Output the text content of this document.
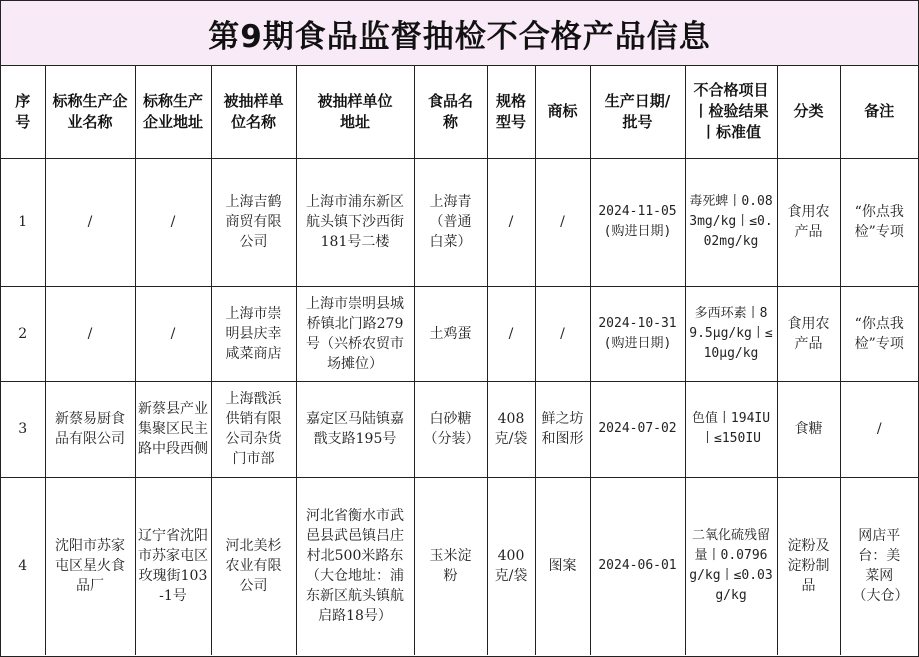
第9期食品监督抽检不合格产品信息
序号	标称生产企业名称	标称生产企业地址	被抽样单位名称	被抽样单位地址	食品名称	规格型号	商标	生产日期/批号	不合格项目丨检验结果丨标准值	分类	备注
1	/	/	上海吉鹤商贸有限公司	上海市浦东新区航头镇下沙西街181号二楼	上海青（普通白菜）	/	/	2024-11-05(购进日期)	毒死蜱丨0.083mg/kg丨≤0.02mg/kg	食用农产品	“你点我检”专项
2	/	/	上海市崇明县庆幸咸菜商店	上海市崇明县城桥镇北门路279号（兴桥农贸市场摊位）	土鸡蛋	/	/	2024-10-31(购进日期)	多西环素丨89.5μg/kg丨≤10μg/kg	食用农产品	“你点我检”专项
3	新蔡易厨食品有限公司	新蔡县产业集聚区民主路中段西侧	上海戬浜供销有限公司杂货门市部	嘉定区马陆镇嘉戬支路195号	白砂糖（分装）	408克/袋	鲜之坊和图形	2024-07-02	色值丨194IU丨≤150IU	食糖	/
4	沈阳市苏家屯区星火食品厂	辽宁省沈阳市苏家屯区玫瑰街103-1号	河北美杉农业有限公司	河北省衡水市武邑县武邑镇吕庄村北500米路东（大仓地址：浦东新区航头镇航启路18号）	玉米淀粉	400克/袋	图案	2024-06-01	二氧化硫残留量丨0.0796g/kg丨≤0.03g/kg	淀粉及淀粉制品	网店平台：美菜网（大仓）
